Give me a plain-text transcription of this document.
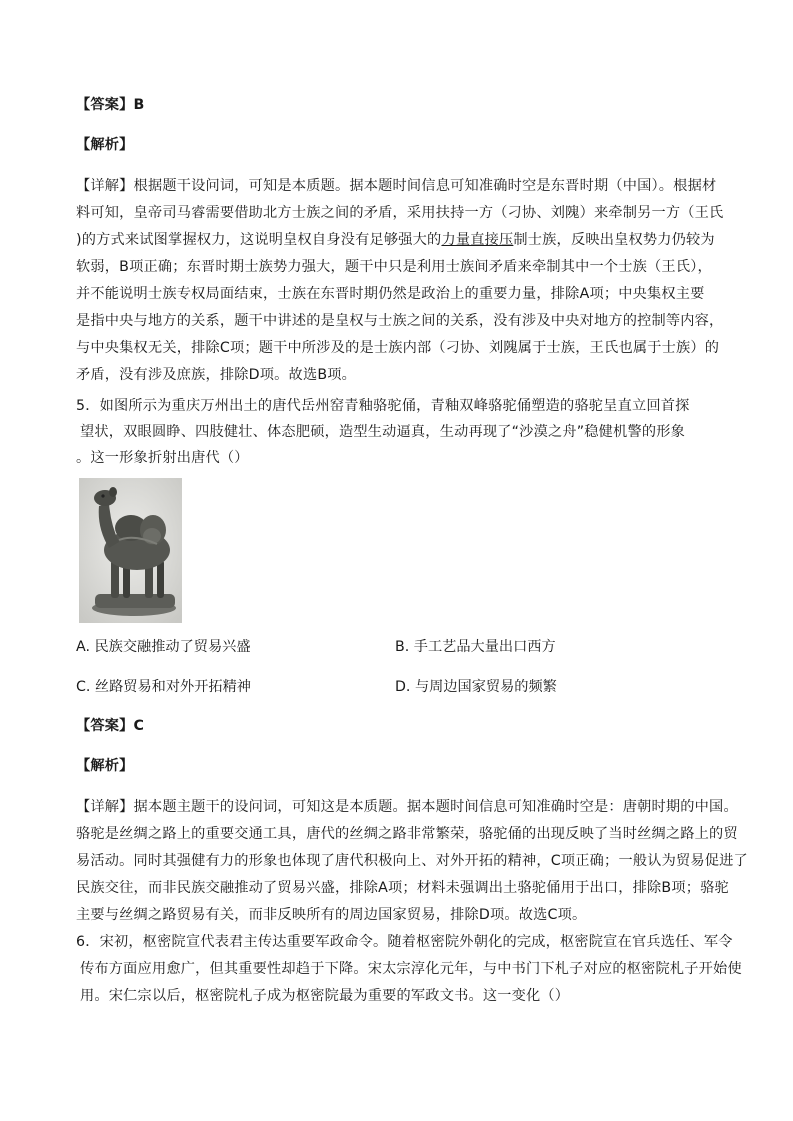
【答案】B
【解析】
【详解】根据题干设问词，可知是本质题。据本题时间信息可知准确时空是东晋时期（中国）。根据材
料可知，皇帝司马睿需要借助北方士族之间的矛盾，采用扶持一方（刁协、刘隗）来牵制另一方（王氏
)的方式来试图掌握权力，这说明皇权自身没有足够强大的力量直接压制士族，反映出皇权势力仍较为
软弱，B项正确；东晋时期士族势力强大，题干中只是利用士族间矛盾来牵制其中一个士族（王氏），
并不能说明士族专权局面结束，士族在东晋时期仍然是政治上的重要力量，排除A项；中央集权主要
是指中央与地方的关系，题干中讲述的是皇权与士族之间的关系，没有涉及中央对地方的控制等内容，
与中央集权无关，排除C项；题干中所涉及的是士族内部（刁协、刘隗属于士族，王氏也属于士族）的
矛盾，没有涉及庶族，排除D项。故选B项。
5．如图所示为重庆万州出土的唐代岳州窑青釉骆驼俑，青釉双峰骆驼俑塑造的骆驼呈直立回首探
望状，双眼圆睁、四肢健壮、体态肥硕，造型生动逼真，生动再现了“沙漠之舟”稳健机警的形象
。这一形象折射出唐代（）
A. 民族交融推动了贸易兴盛	B. 手工艺品大量出口西方
C. 丝路贸易和对外开拓精神	D. 与周边国家贸易的频繁
【答案】C
【解析】
【详解】据本题主题干的设问词，可知这是本质题。据本题时间信息可知准确时空是：唐朝时期的中国。
骆驼是丝绸之路上的重要交通工具，唐代的丝绸之路非常繁荣，骆驼俑的出现反映了当时丝绸之路上的贸
易活动。同时其强健有力的形象也体现了唐代积极向上、对外开拓的精神，C项正确；一般认为贸易促进了
民族交往，而非民族交融推动了贸易兴盛，排除A项；材料未强调出土骆驼俑用于出口，排除B项；骆驼
主要与丝绸之路贸易有关，而非反映所有的周边国家贸易，排除D项。故选C项。
6．宋初，枢密院宣代表君主传达重要军政命令。随着枢密院外朝化的完成，枢密院宣在官兵选任、军令
传布方面应用愈广，但其重要性却趋于下降。宋太宗淳化元年，与中书门下札子对应的枢密院札子开始使
用。宋仁宗以后，枢密院札子成为枢密院最为重要的军政文书。这一变化（）
